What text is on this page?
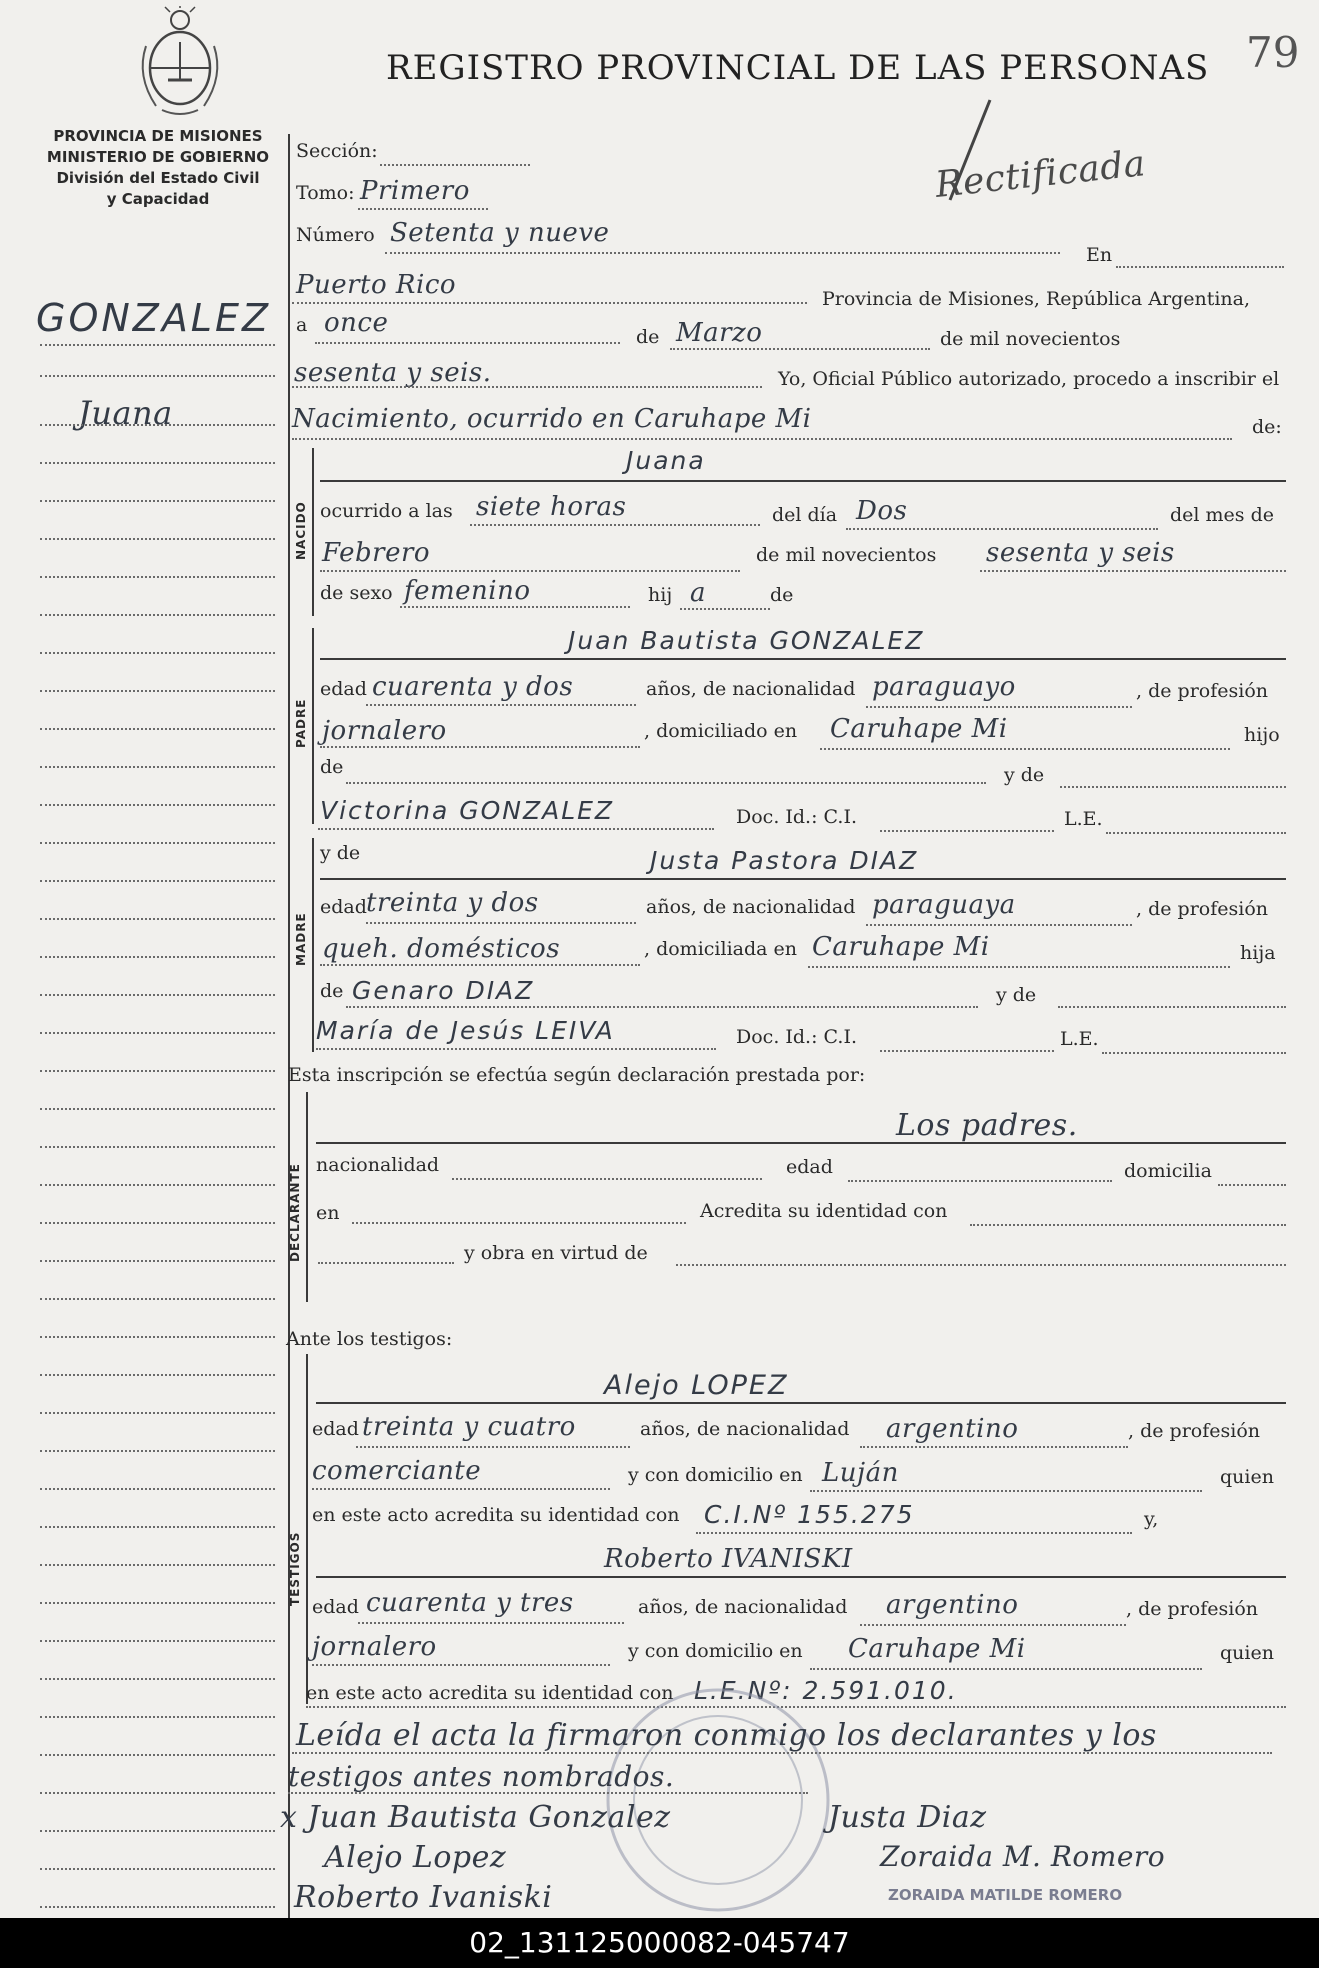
PROVINCIA DE MISIONES
MINISTERIO DE GOBIERNO
División del Estado Civil
y Capacidad
REGISTRO PROVINCIAL DE LAS PERSONAS 79
Rectificada
GONZALEZ
Juana
Sección:
Tomo: Primero
Número Setenta y nueve
En
Puerto Rico	Provincia de Misiones, República Argentina,
a once	de Marzo	de mil novecientos
sesenta y seis.	Yo, Oficial Público autorizado, procedo a inscribir el
Nacimiento, ocurrido en Caruhape Mi	de:
NACIDO
Juana
ocurrido a las siete horas	del día Dos	del mes de
Febrero	de mil novecientos sesenta y seis
de sexo femenino	hij a	de
PADRE
Juan Bautista GONZALEZ
edad cuarenta y dos	años, de nacionalidad paraguayo	, de profesión
jornalero	, domiciliado en Caruhape Mi	hijo
de	y de
Victorina GONZALEZ	Doc. Id.: C.I.	L.E.
MADRE
y de	Justa Pastora DIAZ
edad treinta y dos	años, de nacionalidad paraguaya	, de profesión
queh. domésticos	, domiciliada en Caruhape Mi	hija
de Genaro DIAZ	y de
María de Jesús LEIVA	Doc. Id.: C.I.	L.E.
Esta inscripción se efectúa según declaración prestada por:
DECLARANTE
Los padres.
nacionalidad	edad	domicilia
en	Acredita su identidad con
y obra en virtud de
Ante los testigos:
TESTIGOS
Alejo LOPEZ
edad treinta y cuatro	años, de nacionalidad argentino	, de profesión
comerciante	y con domicilio en Luján	quien
en este acto acredita su identidad con C.I.Nº 155.275	y,
Roberto IVANISKI
edad cuarenta y tres	años, de nacionalidad argentino	, de profesión
jornalero	y con domicilio en Caruhape Mi	quien
en este acto acredita su identidad con L.E.Nº: 2.591.010.
Leída el acta la firmaron conmigo los declarantes y los
testigos antes nombrados.
x Juan Bautista Gonzalez	Justa Diaz
Alejo Lopez	Zoraida M. Romero
ZORAIDA MATILDE ROMERO
Roberto Ivaniski
02_131125000082-045747
